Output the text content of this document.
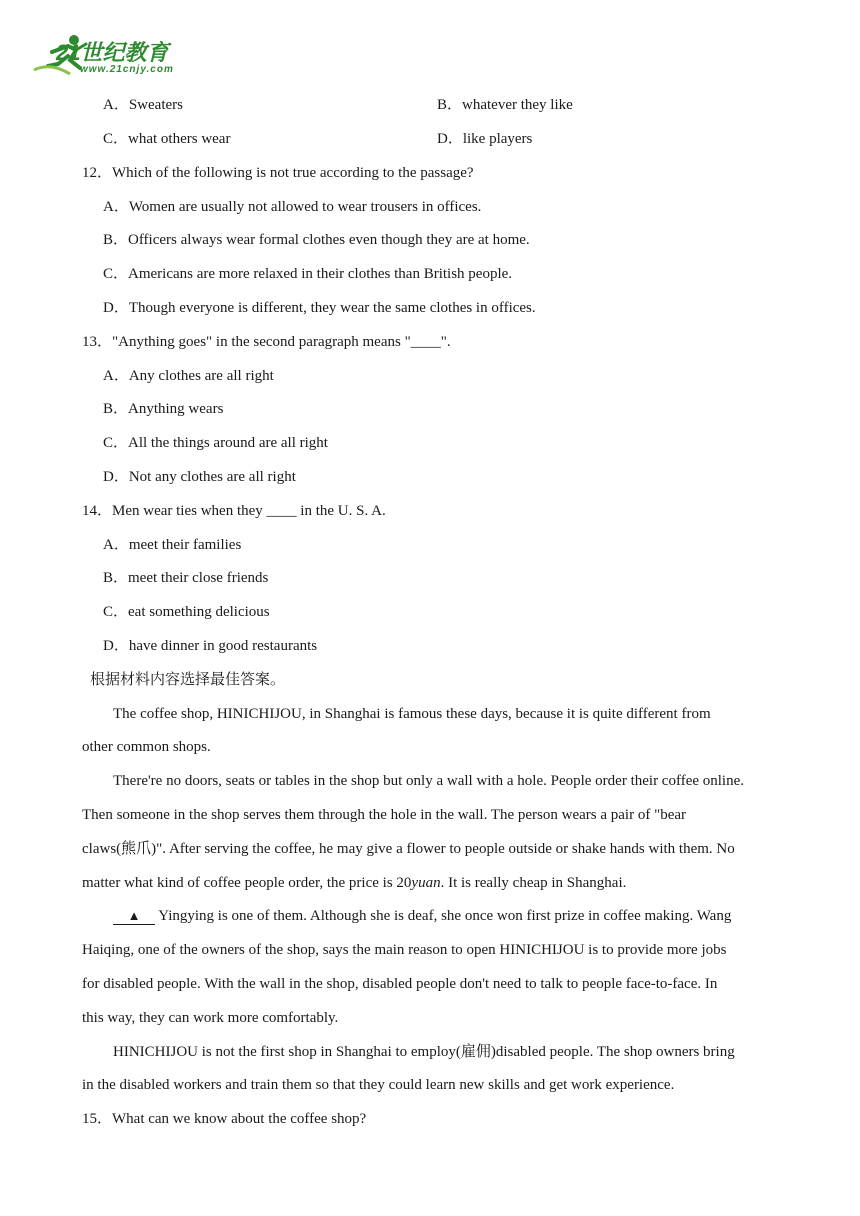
21世纪教育
www.21cnjy.com
A．Sweaters	B．whatever they like
C．what others wear	D．like players
12．Which of the following is not true according to the passage?
A．Women are usually not allowed to wear trousers in offices.
B．Officers always wear formal clothes even though they are at home.
C．Americans are more relaxed in their clothes than British people.
D．Though everyone is different, they wear the same clothes in offices.
13．"Anything goes" in the second paragraph means "____".
A．Any clothes are all right
B．Anything wears
C．All the things around are all right
D．Not any clothes are all right
14．Men wear ties when they ____ in the U. S. A.
A．meet their families
B．meet their close friends
C．eat something delicious
D．have dinner in good restaurants
根据材料内容选择最佳答案。
The coffee shop, HINICHIJOU, in Shanghai is famous these days, because it is quite different from
other common shops.
There're no doors, seats or tables in the shop but only a wall with a hole. People order their coffee online.
Then someone in the shop serves them through the hole in the wall. The person wears a pair of "bear
claws(熊爪)". After serving the coffee, he may give a flower to people outside or shake hands with them. No
matter what kind of coffee people order, the price is 20yuan. It is really cheap in Shanghai.
▲ Yingying is one of them. Although she is deaf, she once won first prize in coffee making. Wang
Haiqing, one of the owners of the shop, says the main reason to open HINICHIJOU is to provide more jobs
for disabled people. With the wall in the shop, disabled people don't need to talk to people face-to-face. In
this way, they can work more comfortably.
HINICHIJOU is not the first shop in Shanghai to employ(雇佣)disabled people. The shop owners bring
in the disabled workers and train them so that they could learn new skills and get work experience.
15．What can we know about the coffee shop?
